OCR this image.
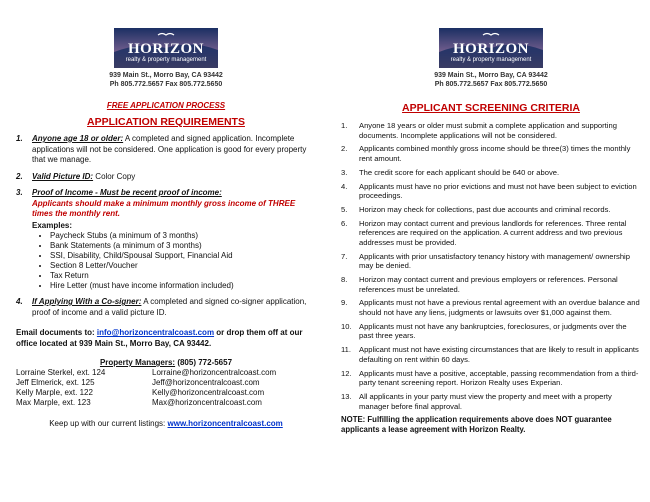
HORIZON
realty & property management
939 Main St., Morro Bay, CA 93442
Ph 805.772.5657 Fax 805.772.5650
FREE APPLICATION PROCESS
APPLICATION REQUIREMENTS
1. Anyone age 18 or older: A completed and signed application. Incomplete applications will not be considered. One application is good for every property that we manage.
2. Valid Picture ID: Color Copy
3. Proof of Income - Must be recent proof of income:
Applicants should make a minimum monthly gross income of THREE times the monthly rent.
Examples:
• Paycheck Stubs (a minimum of 3 months)
• Bank Statements (a minimum of 3 months)
• SSI, Disability, Child/Spousal Support, Financial Aid
• Section 8 Letter/Voucher
• Tax Return
• Hire Letter (must have income information included)
4. If Applying With a Co-signer: A completed and signed co-signer application, proof of income and a valid picture ID.
Email documents to: info@horizoncentralcoast.com or drop them off at our office located at 939 Main St., Morro Bay, CA 93442.
Property Managers: (805) 772-5657
Lorraine Sterkel, ext. 124	Lorraine@horizoncentralcoast.com
Jeff Elmerick, ext. 125	Jeff@horizoncentralcoast.com
Kelly Marple, ext. 122	Kelly@horizoncentralcoast.com
Max Marple, ext. 123	Max@horizoncentralcoast.com
Keep up with our current listings: www.horizoncentralcoast.com
HORIZON
realty & property management
939 Main St., Morro Bay, CA 93442
Ph 805.772.5657 Fax 805.772.5650
APPLICANT SCREENING CRITERIA
1. Anyone 18 years or older must submit a complete application and supporting documents. Incomplete applications will not be considered.
2. Applicants combined monthly gross income should be three(3) times the monthly rent amount.
3. The credit score for each applicant should be 640 or above.
4. Applicants must have no prior evictions and must not have been subject to eviction proceedings.
5. Horizon may check for collections, past due accounts and criminal records.
6. Horizon may contact current and previous landlords for references. Three rental references are required on the application. A current address and two previous addresses must be provided.
7. Applicants with prior unsatisfactory tenancy history with management/ ownership may be denied.
8. Horizon may contact current and previous employers or references. Personal references must be unrelated.
9. Applicants must not have a previous rental agreement with an overdue balance and should not have any liens, judgments or lawsuits over $1,000 against them.
10. Applicants must not have any bankruptcies, foreclosures, or judgments over the past three years.
11. Applicant must not have existing circumstances that are likely to result in applicants defaulting on rent within 60 days.
12. Applicants must have a positive, acceptable, passing recommendation from a third-party tenant screening report. Horizon Realty uses Experian.
13. All applicants in your party must view the property and meet with a property manager before final approval.
NOTE: Fulfilling the application requirements above does NOT guarantee applicants a lease agreement with Horizon Realty.
